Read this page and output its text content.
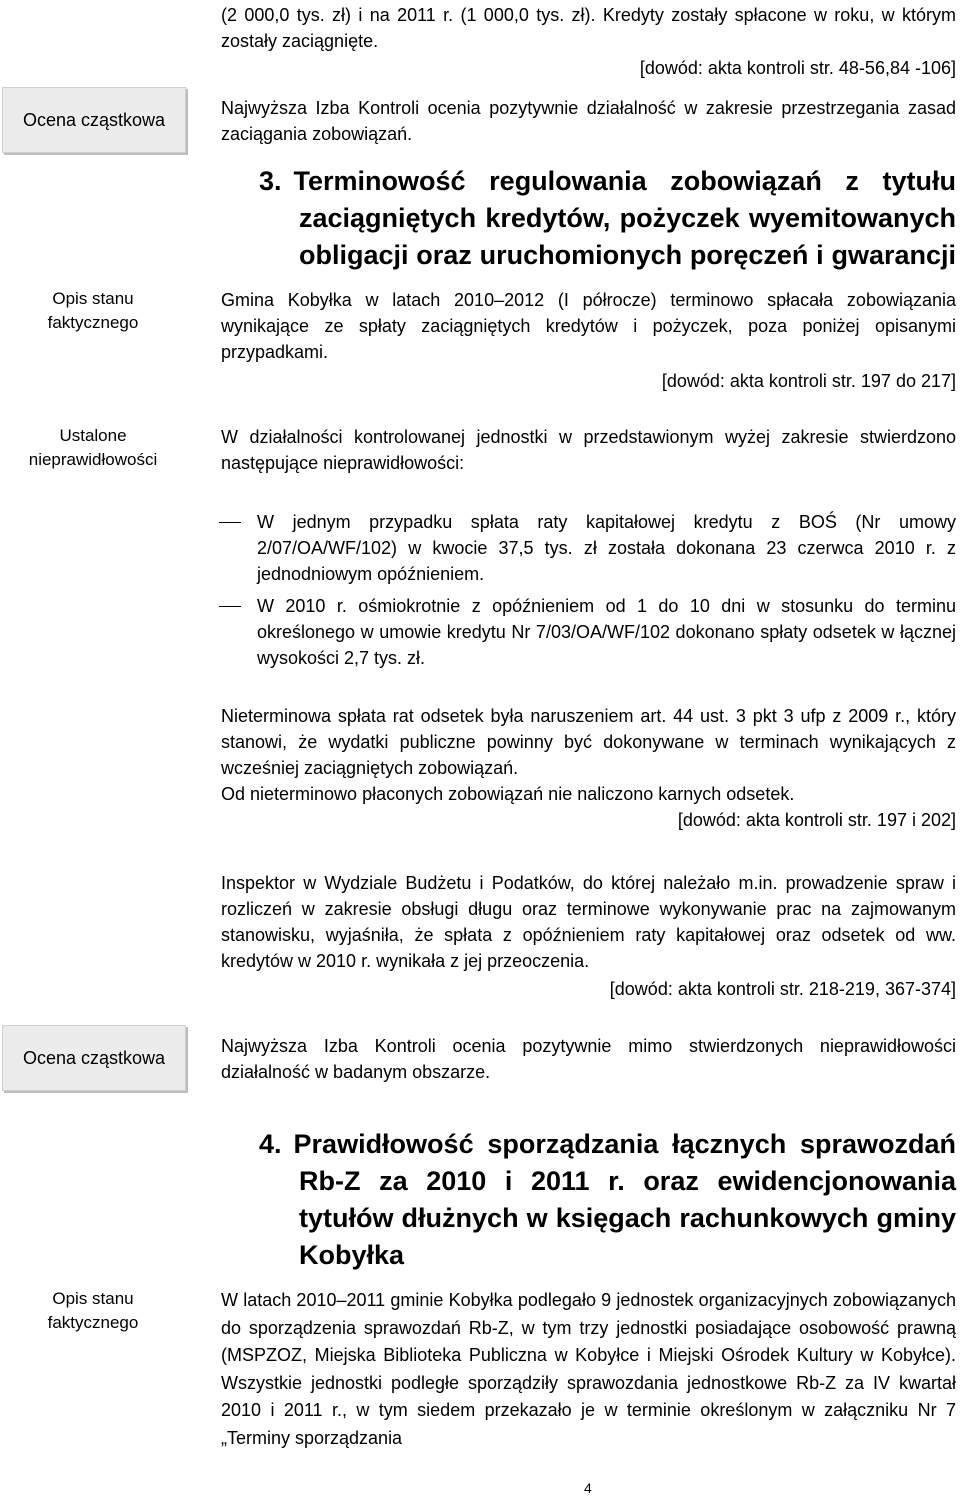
(2 000,0 tys. zł) i na 2011 r. (1 000,0 tys. zł). Kredyty zostały spłacone w roku, w którym zostały zaciągnięte.

[dowód: akta kontroli str. 48-56,84 -106]
Ocena cząstkowa

Najwyższa Izba Kontroli ocenia pozytywnie działalność w zakresie przestrzegania zasad zaciągania zobowiązań.

3. Terminowość regulowania zobowiązań z tytułu
zaciągniętych kredytów, pożyczek wyemitowanych
obligacji oraz uruchomionych poręczeń i gwarancji
Opis stanu
faktycznego

Gmina Kobyłka w latach 2010–2012 (I półrocze) terminowo spłacała zobowiązania wynikające ze spłaty zaciągniętych kredytów i pożyczek, poza poniżej opisanymi przypadkami.

[dowód: akta kontroli str. 197 do 217]
Ustalone
nieprawidłowości

W działalności kontrolowanej jednostki w przedstawionym wyżej zakresie stwierdzono następujące nieprawidłowości:

W jednym przypadku spłata raty kapitałowej kredytu z BOŚ (Nr umowy 2/07/OA/WF/102) w kwocie 37,5 tys. zł została dokonana 23 czerwca 2010 r. z jednodniowym opóźnieniem.

W 2010 r. ośmiokrotnie z opóźnieniem od 1 do 10 dni w stosunku do terminu określonego w umowie kredytu Nr 7/03/OA/WF/102 dokonano spłaty odsetek w łącznej wysokości 2,7 tys. zł.

Nieterminowa spłata rat odsetek była naruszeniem art. 44 ust. 3 pkt 3 ufp z 2009 r., który stanowi, że wydatki publiczne powinny być dokonywane w terminach wynikających z wcześniej zaciągniętych zobowiązań.

Od nieterminowo płaconych zobowiązań nie naliczono karnych odsetek.

[dowód: akta kontroli str. 197 i 202]

Inspektor w Wydziale Budżetu i Podatków, do której należało m.in. prowadzenie spraw i rozliczeń w zakresie obsługi długu oraz terminowe wykonywanie prac na zajmowanym stanowisku, wyjaśniła, że spłata z opóźnieniem raty kapitałowej oraz odsetek od ww. kredytów w 2010 r. wynikała z jej przeoczenia.

[dowód: akta kontroli str. 218-219, 367-374]
Ocena cząstkowa

Najwyższa Izba Kontroli ocenia pozytywnie mimo stwierdzonych nieprawidłowości działalność w badanym obszarze.

4. Prawidłowość sporządzania łącznych sprawozdań
Rb-Z za 2010 i 2011 r. oraz ewidencjonowania
tytułów dłużnych w księgach rachunkowych gminy
Kobyłka
Opis stanu
faktycznego

W latach 2010–2011 gminie Kobyłka podlegało 9 jednostek organizacyjnych zobowiązanych do sporządzenia sprawozdań Rb-Z, w tym trzy jednostki posiadające osobowość prawną (MSPZOZ, Miejska Biblioteka Publiczna w Kobyłce i Miejski Ośrodek Kultury w Kobyłce). Wszystkie jednostki podległe sporządziły sprawozdania jednostkowe Rb-Z za IV kwartał 2010 i 2011 r., w tym siedem przekazało je w terminie określonym w załączniku Nr 7 „Terminy sporządzania

4
